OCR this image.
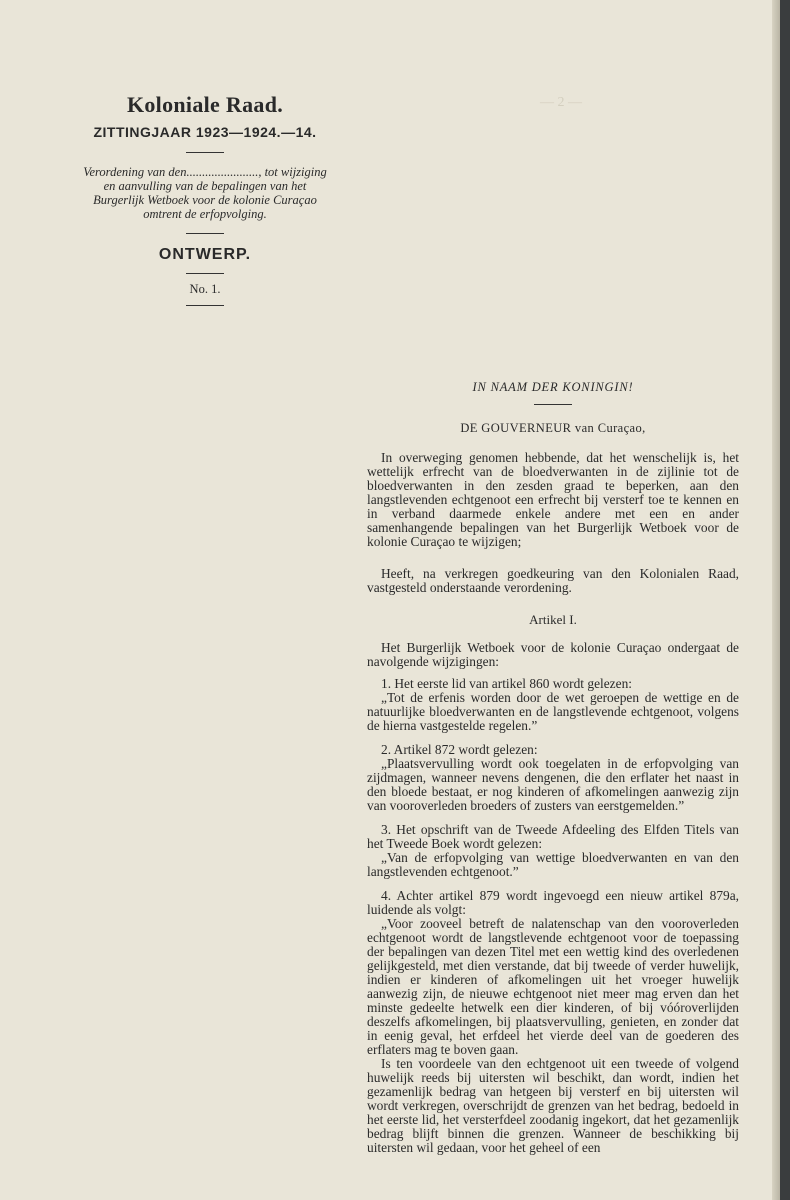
— 2 —

Koloniale Raad.

ZITTINGJAAR 1923—1924.—14.

Verordening van den......................., tot wijziging en aanvulling van de bepalingen van het Burgerlijk Wetboek voor de kolonie Curaçao omtrent de erfopvolging.

ONTWERP.

No. 1.

IN NAAM DER KONINGIN!

DE GOUVERNEUR van Curaçao,

In overweging genomen hebbende, dat het wenschelijk is, het wettelijk erfrecht van de bloedverwanten in de zijlinie tot de bloedverwanten in den zesden graad te beperken, aan den langstlevenden echtgenoot een erfrecht bij versterf toe te kennen en in verband daarmede enkele andere met een en ander samenhangende bepalingen van het Burgerlijk Wetboek voor de kolonie Curaçao te wijzigen;

Heeft, na verkregen goedkeuring van den Kolonialen Raad, vastgesteld onderstaande verordening.

Artikel I.

Het Burgerlijk Wetboek voor de kolonie Curaçao ondergaat de navolgende wijzigingen:

1. Het eerste lid van artikel 860 wordt gelezen:

„Tot de erfenis worden door de wet geroepen de wettige en de natuurlijke bloedverwanten en de langstlevende echtgenoot, volgens de hierna vastgestelde regelen.”

2. Artikel 872 wordt gelezen:

„Plaatsvervulling wordt ook toegelaten in de erfopvolging van zijdmagen, wanneer nevens dengenen, die den erflater het naast in den bloede bestaat, er nog kinderen of afkomelingen aanwezig zijn van vooroverleden broeders of zusters van eerstgemelden.”

3. Het opschrift van de Tweede Afdeeling des Elfden Titels van het Tweede Boek wordt gelezen:

„Van de erfopvolging van wettige bloedverwanten en van den langstlevenden echtgenoot.”

4. Achter artikel 879 wordt ingevoegd een nieuw artikel 879a, luidende als volgt:

„Voor zooveel betreft de nalatenschap van den vooroverleden echtgenoot wordt de langstlevende echtgenoot voor de toepassing der bepalingen van dezen Titel met een wettig kind des overledenen gelijkgesteld, met dien verstande, dat bij tweede of verder huwelijk, indien er kinderen of afkomelingen uit het vroeger huwelijk aanwezig zijn, de nieuwe echtgenoot niet meer mag erven dan het minste gedeelte hetwelk een dier kinderen, of bij vóóroverlijden deszelfs afkomelingen, bij plaatsvervulling, genieten, en zonder dat in eenig geval, het erfdeel het vierde deel van de goederen des erflaters mag te boven gaan.

Is ten voordeele van den echtgenoot uit een tweede of volgend huwelijk reeds bij uitersten wil beschikt, dan wordt, indien het gezamenlijk bedrag van hetgeen bij versterf en bij uitersten wil wordt verkregen, overschrijdt de grenzen van het bedrag, bedoeld in het eerste lid, het versterfdeel zoodanig ingekort, dat het gezamenlijk bedrag blijft binnen die grenzen. Wanneer de beschikking bij uitersten wil gedaan, voor het geheel of een
